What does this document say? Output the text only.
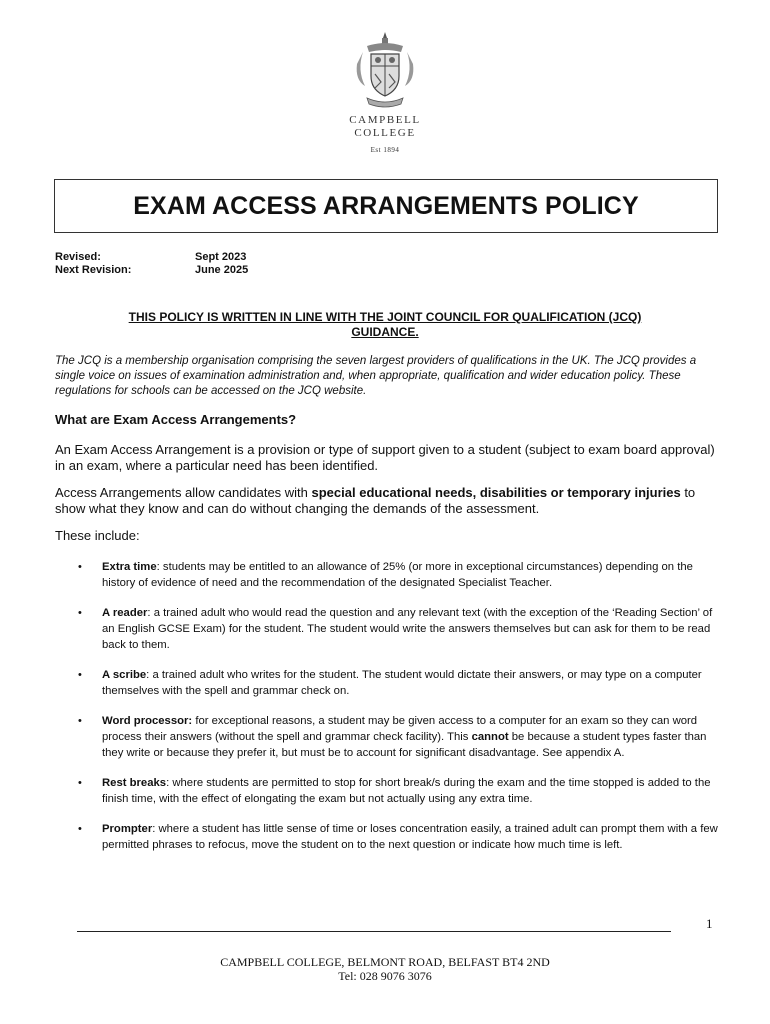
CAMPBELL
COLLEGE
Est 1894
EXAM ACCESS ARRANGEMENTS POLICY
Revised:	Sept 2023
Next Revision:	June 2025
THIS POLICY IS WRITTEN IN LINE WITH THE JOINT COUNCIL FOR QUALIFICATION (JCQ)
GUIDANCE.

The JCQ is a membership organisation comprising the seven largest providers of qualifications in the UK. The JCQ provides a single voice on issues of examination administration and, when appropriate, qualification and wider education policy. These regulations for schools can be accessed on the JCQ website.

What are Exam Access Arrangements?

An Exam Access Arrangement is a provision or type of support given to a student (subject to exam board approval) in an exam, where a particular need has been identified.

Access Arrangements allow candidates with special educational needs, disabilities or temporary injuries to show what they know and can do without changing the demands of the assessment.

These include:

• Extra time: students may be entitled to an allowance of 25% (or more in exceptional circumstances) depending on the history of evidence of need and the recommendation of the designated Specialist Teacher.
• A reader: a trained adult who would read the question and any relevant text (with the exception of the ‘Reading Section’ of an English GCSE Exam) for the student. The student would write the answers themselves but can ask for them to be read back to them.
• A scribe: a trained adult who writes for the student. The student would dictate their answers, or may type on a computer themselves with the spell and grammar check on.
• Word processor: for exceptional reasons, a student may be given access to a computer for an exam so they can word process their answers (without the spell and grammar check facility). This cannot be because a student types faster than they write or because they prefer it, but must be to account for significant disadvantage. See appendix A.
• Rest breaks: where students are permitted to stop for short break/s during the exam and the time stopped is added to the finish time, with the effect of elongating the exam but not actually using any extra time.
• Prompter: where a student has little sense of time or loses concentration easily, a trained adult can prompt them with a few permitted phrases to refocus, move the student on to the next question or indicate how much time is left.
1
CAMPBELL COLLEGE, BELMONT ROAD, BELFAST BT4 2ND
Tel: 028 9076 3076
